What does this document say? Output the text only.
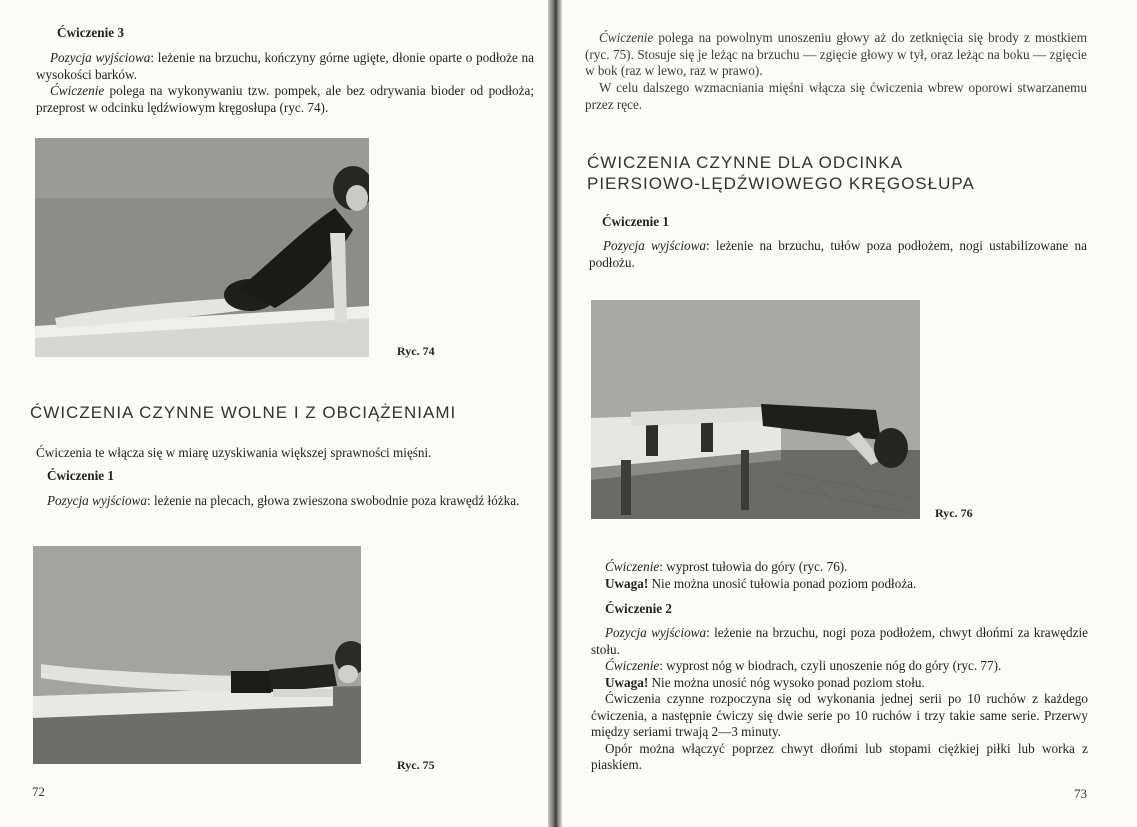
Ćwiczenie 3

Pozycja wyjściowa: leżenie na brzuchu, kończyny górne ugięte, dłonie oparte o podłoże na wysokości barków.

Ćwiczenie polega na wykonywaniu tzw. pompek, ale bez odrywania bioder od podłoża; przeprost w odcinku lędźwiowym kręgosłupa (ryc. 74).

Ryc. 74
ĆWICZENIA CZYNNE WOLNE I Z OBCIĄŻENIAMI

Ćwiczenia te włącza się w miarę uzyskiwania większej sprawności mięśni.

Ćwiczenie 1

Pozycja wyjściowa: leżenie na plecach, głowa zwieszona swobodnie poza krawędź łóżka.

Ryc. 75
72

Ćwiczenie polega na powolnym unoszeniu głowy aż do zetknięcia się brody z mostkiem (ryc. 75). Stosuje się je leżąc na brzuchu — zgięcie głowy w tył, oraz leżąc na boku — zgięcie w bok (raz w lewo, raz w prawo).

W celu dalszego wzmacniania mięśni włącza się ćwiczenia wbrew oporowi stwarzanemu przez ręce.

ĆWICZENIA CZYNNE DLA ODCINKA
PIERSIOWO-LĘDŹWIOWEGO KRĘGOSŁUPA

Ćwiczenie 1

Pozycja wyjściowa: leżenie na brzuchu, tułów poza podłożem, nogi ustabilizowane na podłożu.

Ryc. 76

Ćwiczenie: wyprost tułowia do góry (ryc. 76).

Uwaga! Nie można unosić tułowia ponad poziom podłoża.

Ćwiczenie 2

Pozycja wyjściowa: leżenie na brzuchu, nogi poza podłożem, chwyt dłońmi za krawędzie stołu.

Ćwiczenie: wyprost nóg w biodrach, czyli unoszenie nóg do góry (ryc. 77).

Uwaga! Nie można unosić nóg wysoko ponad poziom stołu.

Ćwiczenia czynne rozpoczyna się od wykonania jednej serii po 10 ruchów z każdego ćwiczenia, a następnie ćwiczy się dwie serie po 10 ruchów i trzy takie same serie. Przerwy między seriami trwają 2—3 minuty.

Opór można włączyć poprzez chwyt dłońmi lub stopami ciężkiej piłki lub worka z piaskiem.

73
